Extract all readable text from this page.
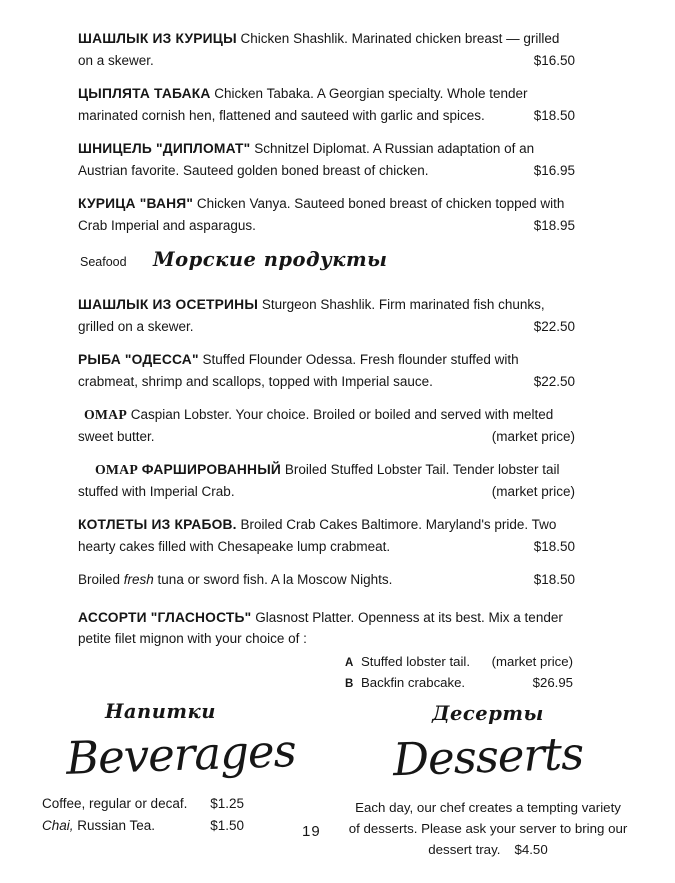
ШАШЛЫК ИЗ КУРИЦЫ Chicken Shashlik. Marinated chicken breast — grilled on a skewer.	$16.50
ЦЫПЛЯТА ТАБАКА Chicken Tabaka. A Georgian specialty. Whole tender marinated cornish hen, flattened and sauteed with garlic and spices.	$18.50
ШНИЦЕЛЬ "ДИПЛОМАТ" Schnitzel Diplomat. A Russian adaptation of an Austrian favorite. Sauteed golden boned breast of chicken.	$16.95
КУРИЦА "ВАНЯ" Chicken Vanya. Sauteed boned breast of chicken topped with Crab Imperial and asparagus.	$18.95
Seafood Морские продукты
ШАШЛЫК ИЗ ОСЕТРИНЫ Sturgeon Shashlik. Firm marinated fish chunks, grilled on a skewer.	$22.50
РЫБА "ОДЕССА" Stuffed Flounder Odessa. Fresh flounder stuffed with crabmeat, shrimp and scallops, topped with Imperial sauce.	$22.50
ОМАР Caspian Lobster. Your choice. Broiled or boiled and served with melted sweet butter.	(market price)
ОМАР ФАРШИРОВАННЫЙ Broiled Stuffed Lobster Tail. Tender lobster tail stuffed with Imperial Crab.	(market price)
КОТЛЕТЫ ИЗ КРАБОВ. Broiled Crab Cakes Baltimore. Maryland's pride. Two hearty cakes filled with Chesapeake lump crabmeat.	$18.50
Broiled fresh tuna or sword fish. A la Moscow Nights.	$18.50
АССОРТИ "ГЛАСНОСТЬ" Glasnost Platter. Openness at its best. Mix a tender petite filet mignon with your choice of :
A Stuffed lobster tail.	(market price)
B Backfin crabcake.	$26.95
Напитки
Beverages
Coffee, regular or decaf. $1.25
Chai, Russian Tea.	$1.50	19
Десерты
Desserts
Each day, our chef creates a tempting variety of desserts. Please ask your server to bring our dessert tray. $4.50
